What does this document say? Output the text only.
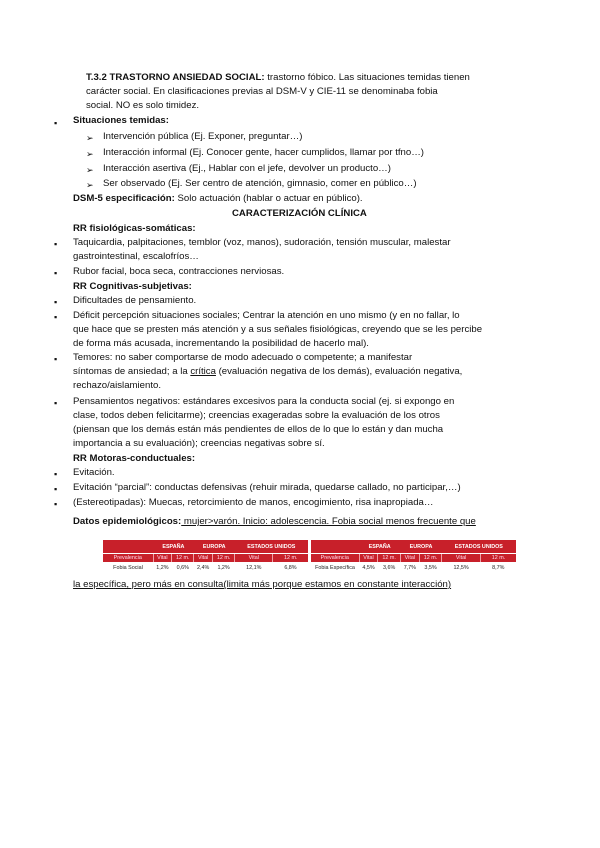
T.3.2 TRASTORNO ANSIEDAD SOCIAL: trastorno fóbico. Las situaciones temidas tienen
carácter social. En clasificaciones previas al DSM-V y CIE-11 se denominaba fobia
social. NO es solo timidez.
▪ Situaciones temidas:
➢ Intervención pública (Ej. Exponer, preguntar…)
➢ Interacción informal (Ej. Conocer gente, hacer cumplidos, llamar por tfno…)
➢ Interacción asertiva (Ej., Hablar con el jefe, devolver un producto…)
➢ Ser observado (Ej. Ser centro de atención, gimnasio, comer en público…)
DSM-5 especificación: Solo actuación (hablar o actuar en público).
CARACTERIZACIÓN CLÍNICA
RR fisiológicas-somáticas:
▪ Taquicardia, palpitaciones, temblor (voz, manos), sudoración, tensión muscular, malestar
gastrointestinal, escalofríos…
▪ Rubor facial, boca seca, contracciones nerviosas.
RR Cognitivas-subjetivas:
▪ Dificultades de pensamiento.
▪ Déficit percepción situaciones sociales; Centrar la atención en uno mismo (y en no fallar, lo
que hace que se presten más atención y a sus señales fisiológicas, creyendo que se les percibe
de forma más acusada, incrementando la posibilidad de hacerlo mal).
▪ Temores: no saber comportarse de modo adecuado o competente; a manifestar
síntomas de ansiedad; a la crítica (evaluación negativa de los demás), evaluación negativa,
rechazo/aislamiento.
▪ Pensamientos negativos: estándares excesivos para la conducta social (ej. si expongo en
clase, todos deben felicitarme); creencias exageradas sobre la evaluación de los otros
(piensan que los demás están más pendientes de ellos de lo que lo están y dan mucha
importancia a su evaluación); creencias negativas sobre sí.
RR Motoras-conductuales:
▪ Evitación.
▪ Evitación “parcial”: conductas defensivas (rehuir mirada, quedarse callado, no participar,…)
▪ (Estereotipadas): Muecas, retorcimiento de manos, encogimiento, risa inapropiada…
Datos epidemiológicos: mujer>varón. Inicio: adolescencia. Fobia social menos frecuente que
	ESPAÑA		EUROPA		ESTADOS UNIDOS	
Prevalencia	Vital	12 m.	Vital	12 m.	Vital	12 m.
Fobia Social	1,2%	0,6%	2,4%	1,2%	12,1%	6,8%
	ESPAÑA		EUROPA		ESTADOS UNIDOS	
Prevalencia	Vital	12 m.	Vital	12 m.	Vital	12 m.
Fobia Específica	4,5%	3,6%	7,7%	3,5%	12,5%	8,7%
la específica, pero más en consulta(limita más porque estamos en constante interacción)
